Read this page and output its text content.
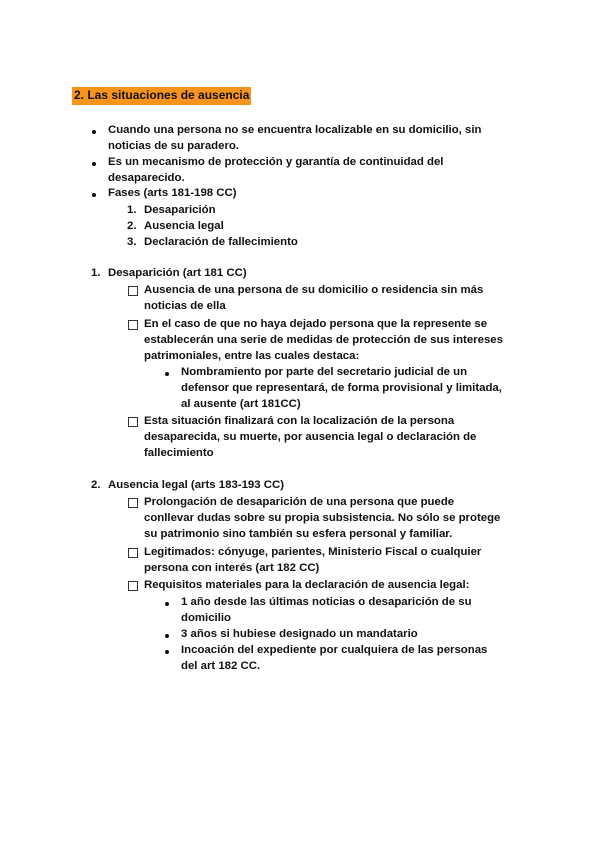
2. Las situaciones de ausencia
Cuando una persona no se encuentra localizable en su domicilio, sin
noticias de su paradero.
Es un mecanismo de protección y garantía de continuidad del
desaparecido.
Fases (arts 181-198 CC)
1. Desaparición
2. Ausencia legal
3. Declaración de fallecimiento
1. Desaparición (art 181 CC)
Ausencia de una persona de su domicilio o residencia sin más
noticias de ella
En el caso de que no haya dejado persona que la represente se
establecerán una serie de medidas de protección de sus intereses
patrimoniales, entre las cuales destaca:
Nombramiento por parte del secretario judicial de un
defensor que representará, de forma provisional y limitada,
al ausente (art 181CC)
Esta situación finalizará con la localización de la persona
desaparecida, su muerte, por ausencia legal o declaración de
fallecimiento
2. Ausencia legal (arts 183-193 CC)
Prolongación de desaparición de una persona que puede
conllevar dudas sobre su propia subsistencia. No sólo se protege
su patrimonio sino también su esfera personal y familiar.
Legitimados: cónyuge, parientes, Ministerio Fiscal o cualquier
persona con interés (art 182 CC)
Requisitos materiales para la declaración de ausencia legal:
1 año desde las últimas noticias o desaparición de su
domicilio
3 años si hubiese designado un mandatario
Incoación del expediente por cualquiera de las personas
del art 182 CC.
